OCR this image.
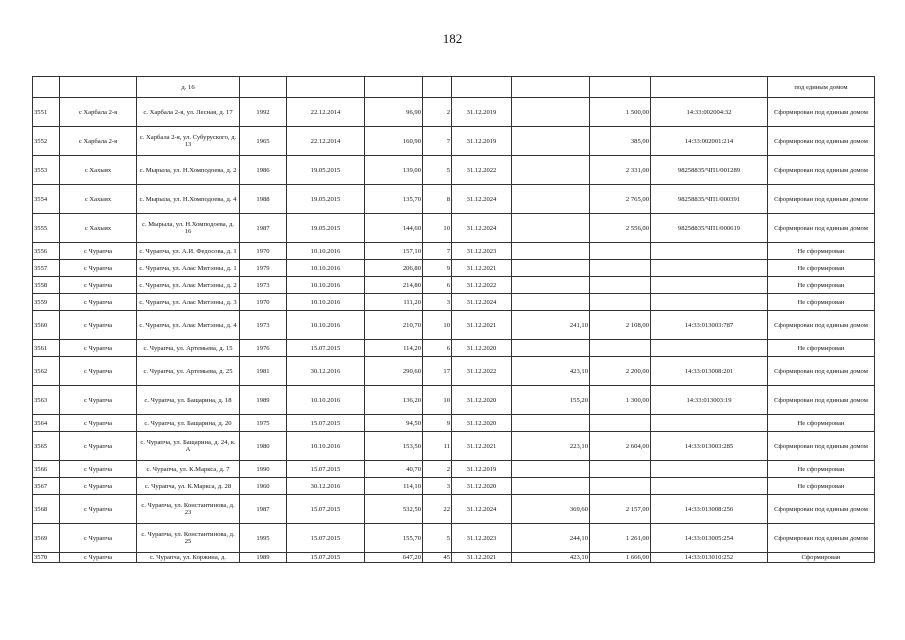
182
		д. 16									под единым домом
3551	с Харбала 2-я	с. Харбала 2-я, ул. Лесная, д. 17	1992	22.12.2014	96,90	2	31.12.2019		1 500,00	14:33:002004:32	Сформирован под единым домом
3552	с Харбала 2-я	с. Харбала 2-я, ул. Субуруского, д. 13	1965	22.12.2014	160,90	7	31.12.2019		385,00	14:33:002001:214	Сформирован под единым домом
3553	с Хахыях	с. Мырыла, ул. Н.Хомподоева, д. 2	1986	19.05.2015	139,00	5	31.12.2022		2 331,00	98258835/ЧП1/001289	Сформирован под единым домом
3554	с Хахыях	с. Мырыла, ул. Н.Хомподоева, д. 4	1988	19.05.2015	135,70	8	31.12.2024		2 765,00	98258835/ЧП1/000391	Сформирован под единым домом
3555	с Хахыях	с. Мырыла, ул. Н.Хомподоева, д. 16	1987	19.05.2015	144,60	10	31.12.2024		2 556,00	98258835/ЧП1/000619	Сформирован под единым домом
3556	с Чурапча	с. Чурапча, ул. А.И. Федосова, д. 1	1970	10.10.2016	157,10	7	31.12.2023				Не сформирован
3557	с Чурапча	с. Чурапча, ул. Алас Митэзны, д. 1	1979	10.10.2016	206,80	9	31.12.2021				Не сформирован
3558	с Чурапча	с. Чурапча, ул. Алас Митэзны, д. 2	1973	10.10.2016	214,80	6	31.12.2022				Не сформирован
3559	с Чурапча	с. Чурапча, ул. Алас Митэзны, д. 3	1970	10.10.2016	111,20	3	31.12.2024				Не сформирован
3560	с Чурапча	с. Чурапча, ул. Алас Митэзны, д. 4	1973	10.10.2016	210,70	10	31.12.2021	241,10	2 108,00	14:33:013003:787	Сформирован под единым домом
3561	с Чурапча	с. Чурапча, ул. Артемьева, д. 15	1976	15.07.2015	114,20	6	31.12.2020				Не сформирован
3562	с Чурапча	с. Чурапча, ул. Артемьева, д. 25	1981	30.12.2016	290,60	17	31.12.2022	423,10	2 200,00	14:33:013008:201	Сформирован под единым домом
3563	с Чурапча	с. Чурапча, ул. Бащарина, д. 18	1989	10.10.2016	136,20	10	31.12.2020	155,20	1 300,00	14:33:013003:19	Сформирован под единым домом
3564	с Чурапча	с. Чурапча, ул. Бащарина, д. 20	1975	15.07.2015	94,50	9	31.12.2020				Не сформирован
3565	с Чурапча	с. Чурапча, ул. Бащарина, д. 24, к. А	1980	10.10.2016	153,50	11	31.12.2021	223,10	2 604,00	14:33:013003:285	Сформирован под единым домом
3566	с Чурапча	с. Чурапча, ул. К.Маркса, д. 7	1990	15.07.2015	40,70	2	31.12.2019				Не сформирован
3567	с Чурапча	с. Чурапча, ул. К.Маркса, д. 28	1960	30.12.2016	114,10	3	31.12.2020				Не сформирован
3568	с Чурапча	с. Чурапча, ул. Константинова, д. 23	1987	15.07.2015	532,50	22	31.12.2024	369,60	2 157,00	14:33:013008:256	Сформирован под единым домом
3569	с Чурапча	с. Чурапча, ул. Константинова, д. 25	1995	15.07.2015	155,70	5	31.12.2023	244,10	1 261,00	14:33:013005:254	Сформирован под единым домом
3570	с Чурапча	с. Чурапча, ул. Коржина, д.	1989	15.07.2015	647,20	45	31.12.2021	423,10	1 666,00	14:33:013010:252	Сформирован
